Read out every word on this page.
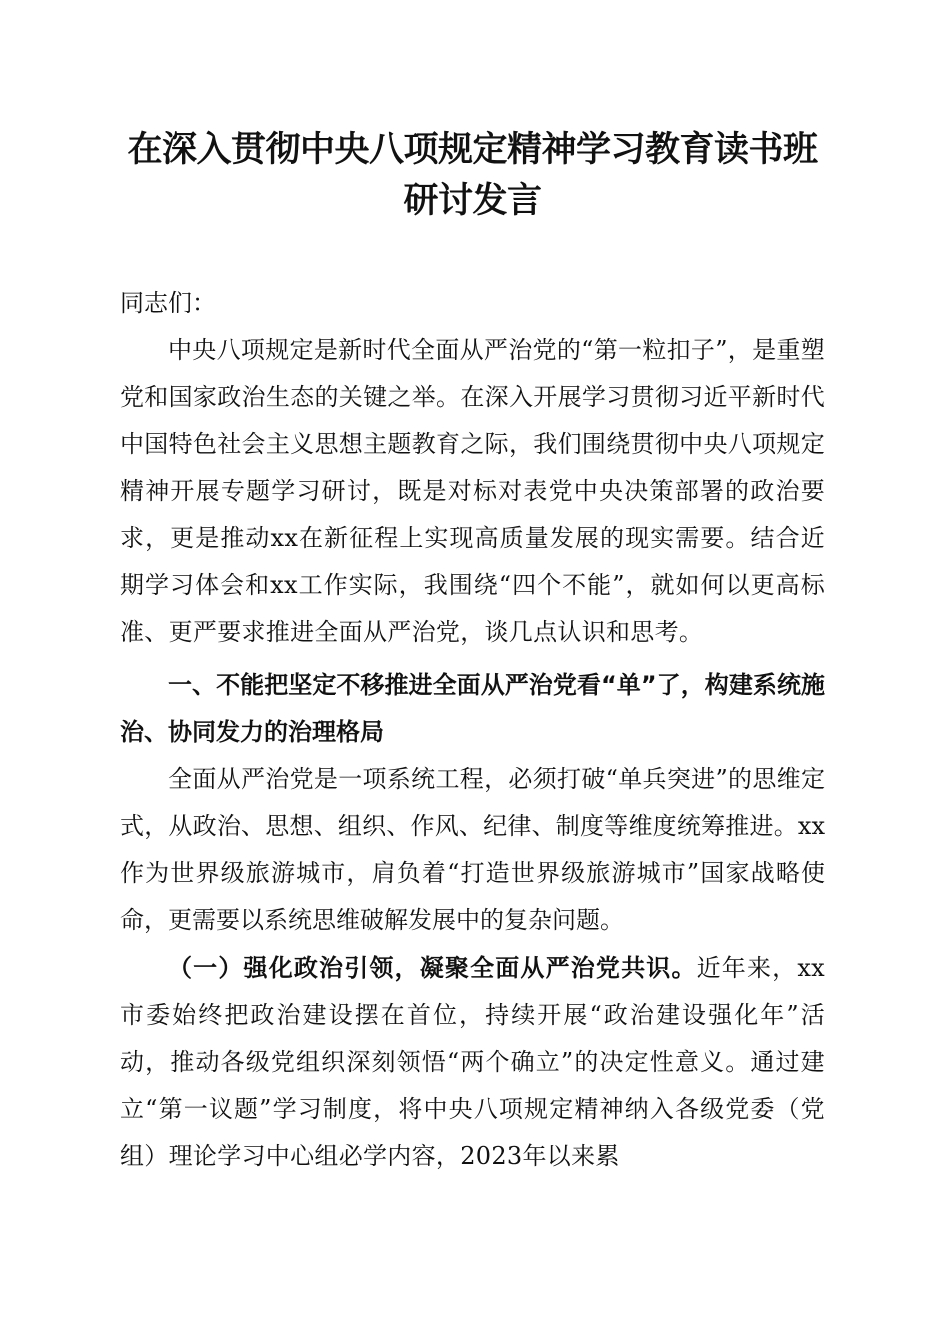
在深入贯彻中央八项规定精神学习教育读书班研讨发言
同志们：

中央八项规定是新时代全面从严治党的“第一粒扣子”，是重塑党和国家政治生态的关键之举。在深入开展学习贯彻习近平新时代中国特色社会主义思想主题教育之际，我们围绕贯彻中央八项规定精神开展专题学习研讨，既是对标对表党中央决策部署的政治要求，更是推动xx在新征程上实现高质量发展的现实需要。结合近期学习体会和xx工作实际，我围绕“四个不能”，就如何以更高标准、更严要求推进全面从严治党，谈几点认识和思考。

一、不能把坚定不移推进全面从严治党看“单”了，构建系统施治、协同发力的治理格局

全面从严治党是一项系统工程，必须打破“单兵突进”的思维定式，从政治、思想、组织、作风、纪律、制度等维度统筹推进。xx作为世界级旅游城市，肩负着“打造世界级旅游城市”国家战略使命，更需要以系统思维破解发展中的复杂问题。

（一）强化政治引领，凝聚全面从严治党共识。近年来，xx市委始终把政治建设摆在首位，持续开展“政治建设强化年”活动，推动各级党组织深刻领悟“两个确立”的决定性意义。通过建立“第一议题”学习制度，将中央八项规定精神纳入各级党委（党组）理论学习中心组必学内容，2023年以来累
